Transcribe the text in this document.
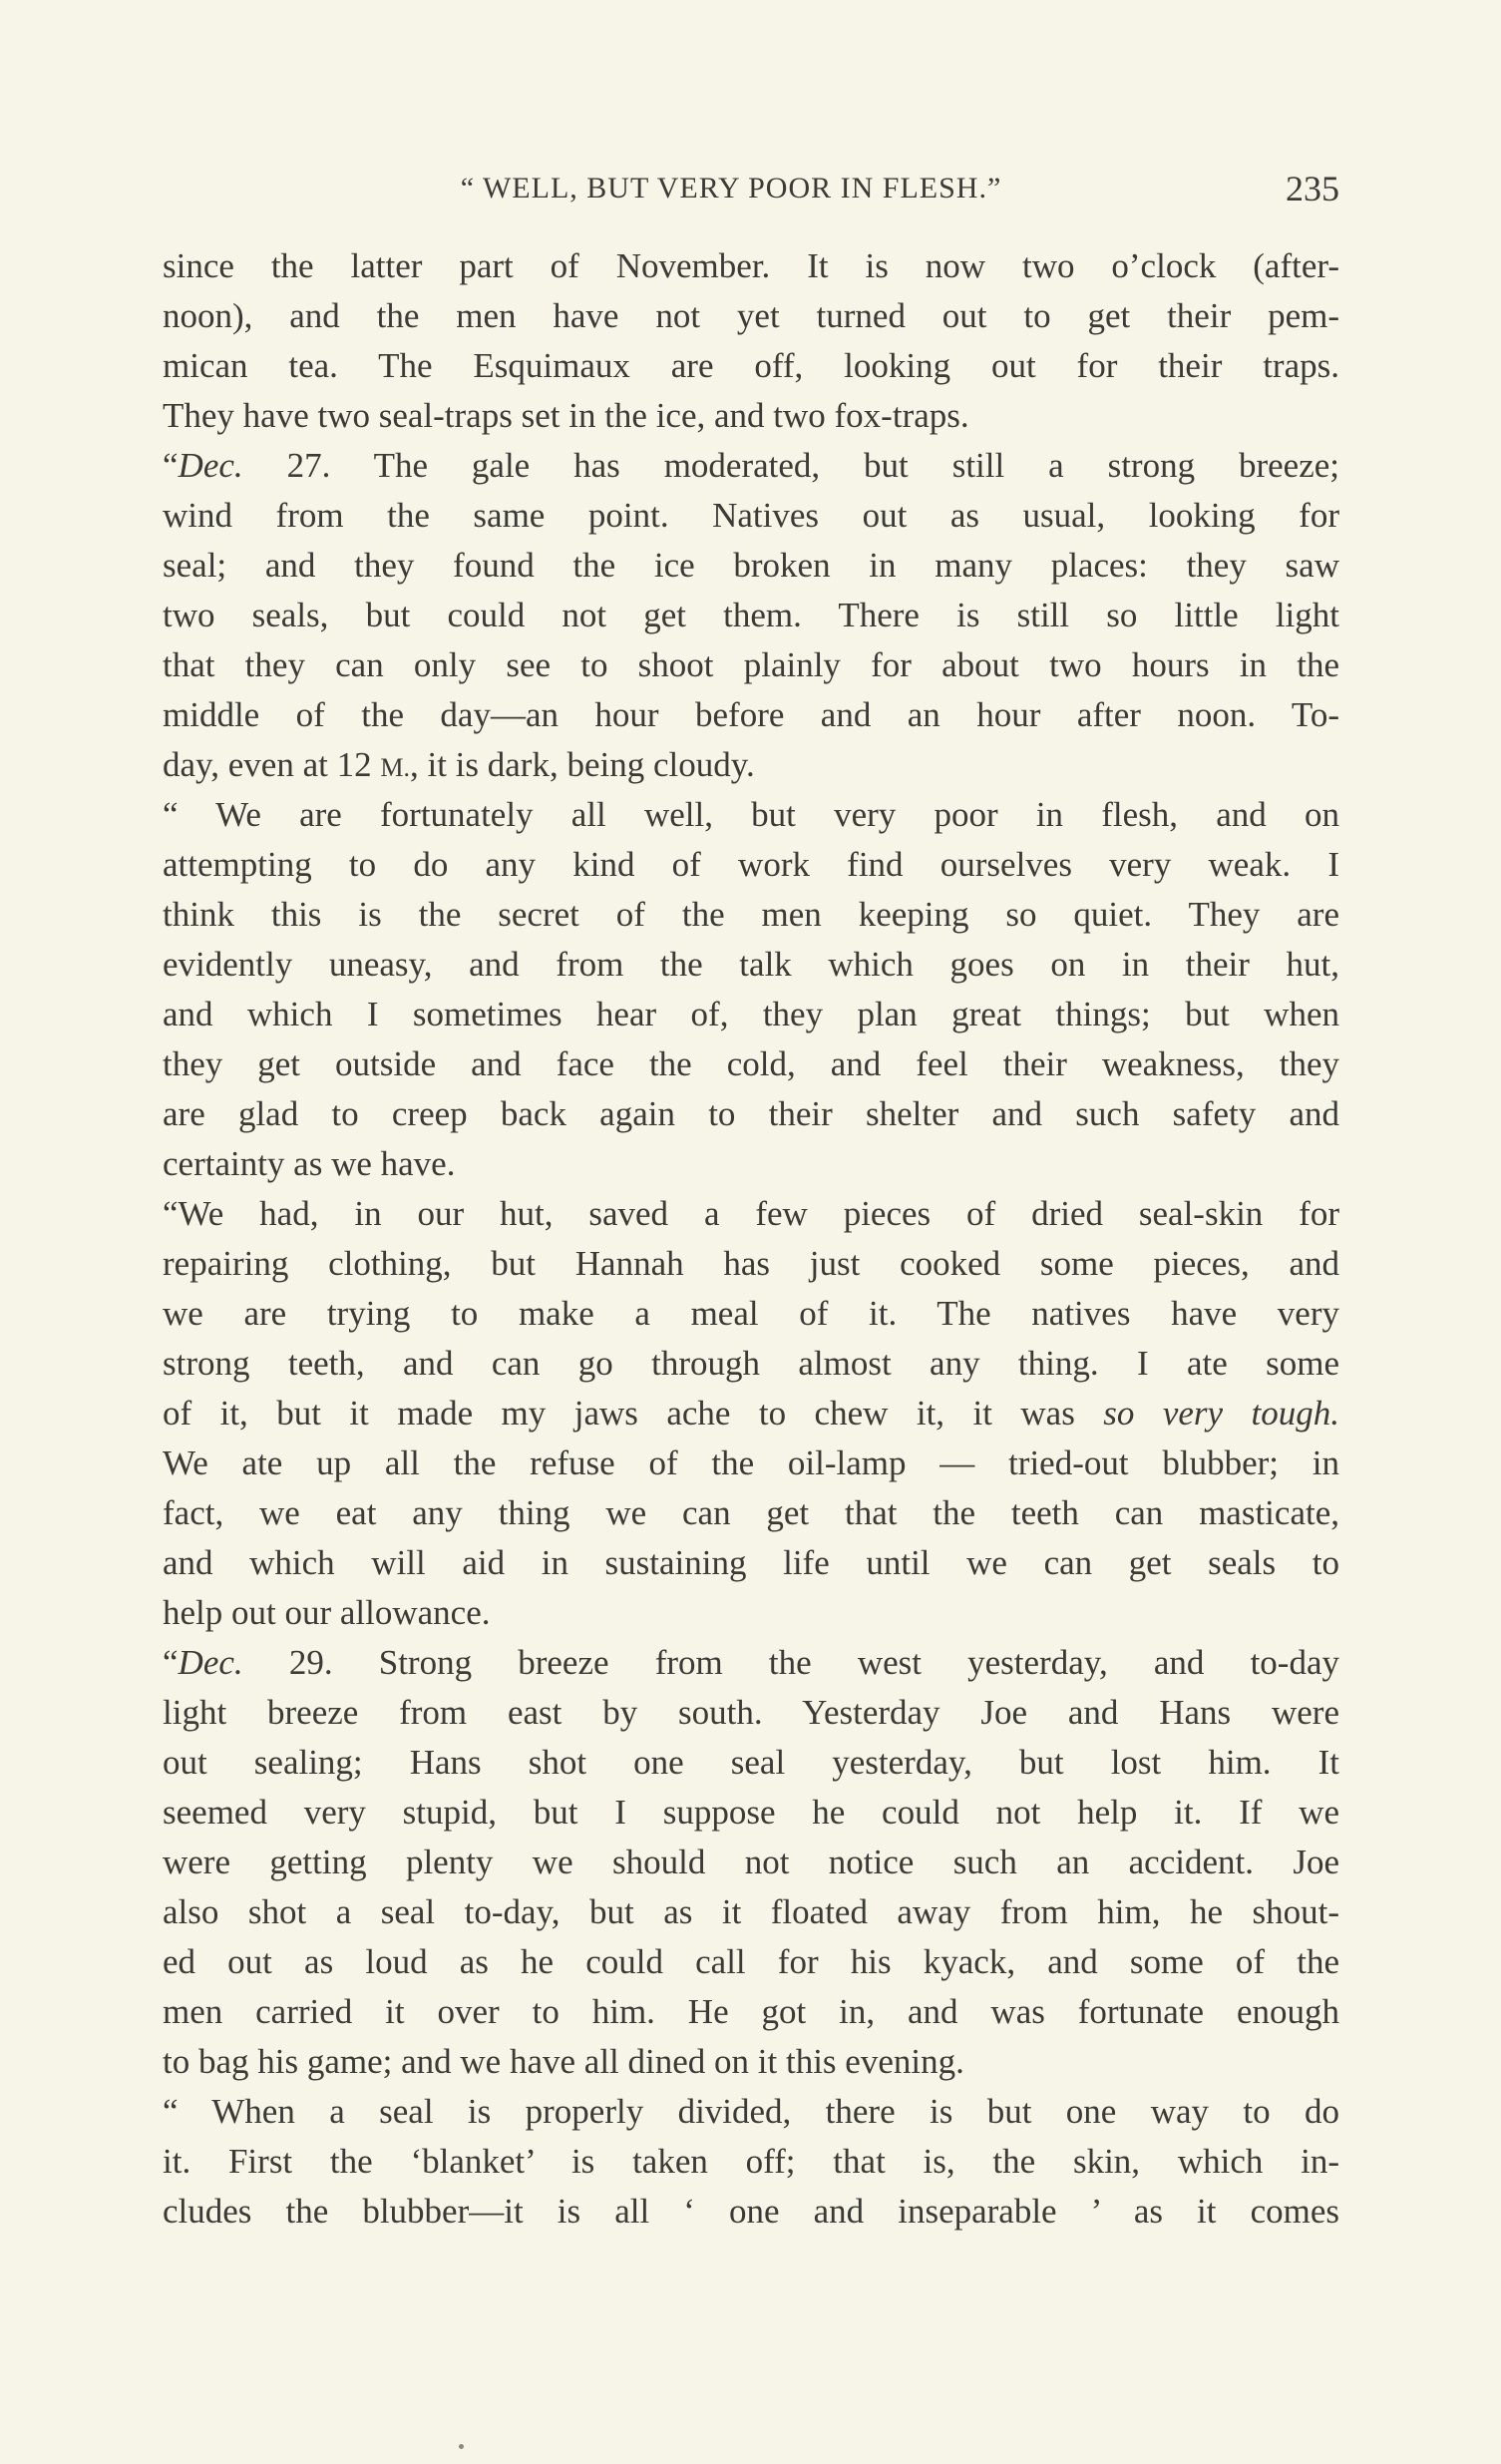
“ WELL, BUT VERY POOR IN FLESH.”	235
since the latter part of November. It is now two o’clock (after-
noon), and the men have not yet turned out to get their pem-
mican tea. The Esquimaux are off, looking out for their traps.
They have two seal-traps set in the ice, and two fox-traps.
“Dec. 27. The gale has moderated, but still a strong breeze;
wind from the same point. Natives out as usual, looking for
seal; and they found the ice broken in many places: they saw
two seals, but could not get them. There is still so little light
that they can only see to shoot plainly for about two hours in the
middle of the day—an hour before and an hour after noon. To-
day, even at 12 M., it is dark, being cloudy.
“ We are fortunately all well, but very poor in flesh, and on
attempting to do any kind of work find ourselves very weak. I
think this is the secret of the men keeping so quiet. They are
evidently uneasy, and from the talk which goes on in their hut,
and which I sometimes hear of, they plan great things; but when
they get outside and face the cold, and feel their weakness, they
are glad to creep back again to their shelter and such safety and
certainty as we have.
“We had, in our hut, saved a few pieces of dried seal-skin for
repairing clothing, but Hannah has just cooked some pieces, and
we are trying to make a meal of it. The natives have very
strong teeth, and can go through almost any thing. I ate some
of it, but it made my jaws ache to chew it, it was so very tough.
We ate up all the refuse of the oil-lamp — tried-out blubber; in
fact, we eat any thing we can get that the teeth can masticate,
and which will aid in sustaining life until we can get seals to
help out our allowance.
“Dec. 29. Strong breeze from the west yesterday, and to-day
light breeze from east by south. Yesterday Joe and Hans were
out sealing; Hans shot one seal yesterday, but lost him. It
seemed very stupid, but I suppose he could not help it. If we
were getting plenty we should not notice such an accident. Joe
also shot a seal to-day, but as it floated away from him, he shout-
ed out as loud as he could call for his kyack, and some of the
men carried it over to him. He got in, and was fortunate enough
to bag his game; and we have all dined on it this evening.
“ When a seal is properly divided, there is but one way to do
it. First the ‘blanket’ is taken off; that is, the skin, which in-
cludes the blubber—it is all ‘ one and inseparable ’ as it comes
